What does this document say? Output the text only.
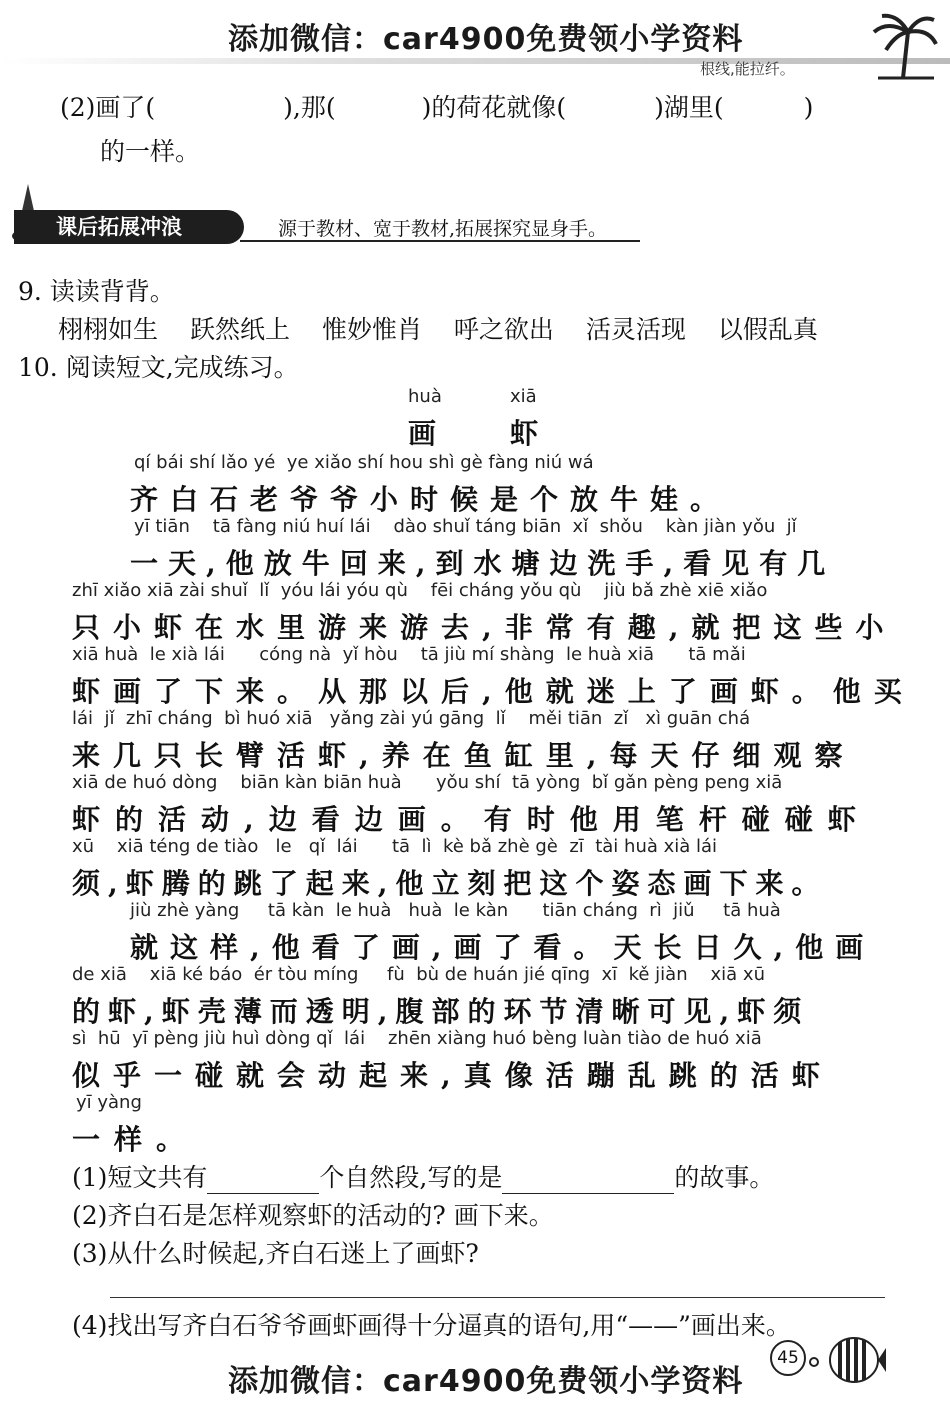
添加微信：car4900免费领小学资料
根线,能拉纤。
(2)画了(	),那(	)的荷花就像(	)湖里(	)
的一样。
课后拓展冲浪	源于教材、宽于教材,拓展探究显身手。
9. 读读背背。
栩栩如生 跃然纸上 惟妙惟肖 呼之欲出 活灵活现 以假乱真
10. 阅读短文,完成练习。
huà	xiā
画	虾
qí bái shí lǎo yé  ye xiǎo shí hou shì gè fàng niú wá
齐白石老爷爷小时候是个放牛娃。
yī tiān    tā fàng niú huí lái    dào shuǐ táng biān  xǐ  shǒu    kàn jiàn yǒu  jǐ
一天,他放牛回来,到水塘边洗手,看见有几
zhī xiǎo xiā zài shuǐ  lǐ  yóu lái yóu qù    fēi cháng yǒu qù    jiù bǎ zhè xiē xiǎo
只小虾在水里游来游去,非常有趣,就把这些小
xiā huà  le xià lái      cóng nà  yǐ hòu    tā jiù mí shàng  le huà xiā      tā mǎi
虾画了下来。从那以后,他就迷上了画虾。他买
lái  jǐ  zhī cháng  bì huó xiā   yǎng zài yú gāng  lǐ    měi tiān  zǐ   xì guān chá
来几只长臂活虾,养在鱼缸里,每天仔细观察
xiā de huó dòng    biān kàn biān huà      yǒu shí  tā yòng  bǐ gǎn pèng peng xiā
虾的活动,边看边画。有时他用笔杆碰碰虾
xū    xiā téng de tiào   le   qǐ  lái      tā  lì  kè bǎ zhè gè  zī  tài huà xià lái
须,虾腾的跳了起来,他立刻把这个姿态画下来。
jiù zhè yàng     tā kàn  le huà   huà  le kàn      tiān cháng  rì  jiǔ     tā huà
就这样,他看了画,画了看。天长日久,他画
de xiā    xiā ké báo  ér tòu míng     fù  bù de huán jié qīng  xī  kě jiàn    xiā xū
的虾,虾壳薄而透明,腹部的环节清晰可见,虾须
sì  hū  yī pèng jiù huì dòng qǐ  lái    zhēn xiàng huó bèng luàn tiào de huó xiā
似乎一碰就会动起来,真像活蹦乱跳的活虾
yī yàng
一样。
(1)短文共有	个自然段,写的是	的故事。
(2)齐白石是怎样观察虾的活动的? 画下来。
(3)从什么时候起,齐白石迷上了画虾?
(4)找出写齐白石爷爷画虾画得十分逼真的语句,用“——”画出来。
添加微信：car4900免费领小学资料
45
